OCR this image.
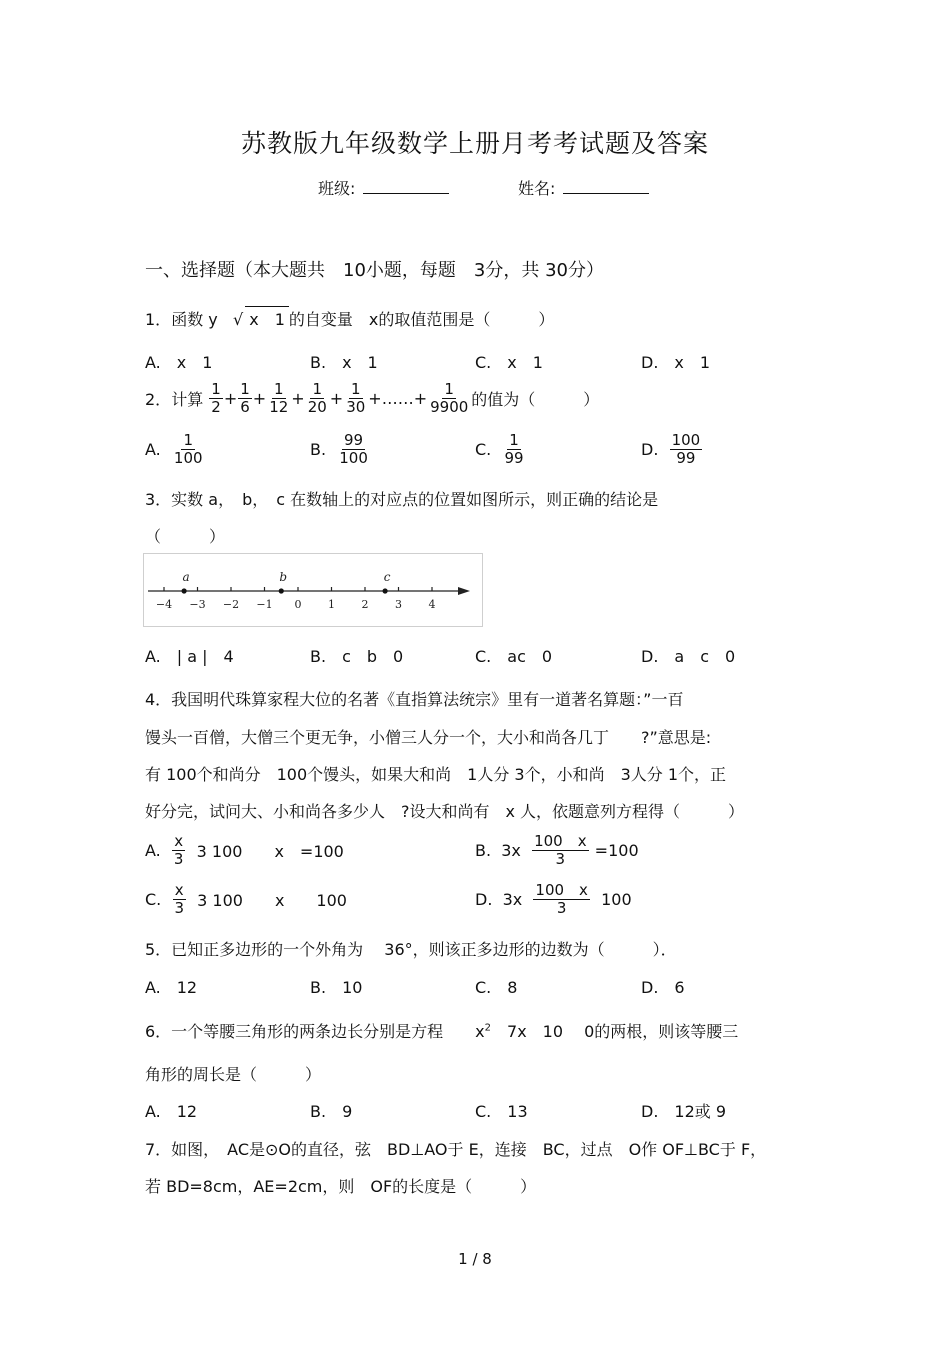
苏教版九年级数学上册月考考试题及答案
班级:	姓名:
一、选择题（本大题共　10小题，每题　3分，共 30分）
1．函数 y   √ x　1 的自变量　x的取值范围是（　　　）
A.　x　1	B.　x　1	C.　x　1	D.　x　1
2． 计算
$\frac{1}{2} + \frac{1}{6} + \frac{1}{12} + \frac{1}{20} + \frac{1}{30}$ +……+ $\frac{1}{9900}$ 的值为（　　　）
A.
$\frac{1}{100}$	B.
$\frac{99}{100}$	C.
$\frac{1}{99}$	D.
$\frac{100}{99}$
3．实数 a，　b，　c 在数轴上的对应点的位置如图所示，则正确的结论是
（　　　）
−4 −3 −2 −1 0 1 2 3 4
a	b	c
A.　| a |　4	B.　c　b　0	C.　ac　0	D.　a　c　0
4．我国明代珠算家程大位的名著《直指算法统宗》里有一道著名算题：”一百
馒头一百僧，大僧三个更无争，小僧三人分一个，大小和尚各几丁　　?”意思是:
有 100个和尚分　100个馒头，如果大和尚　1人分 3个，小和尚　3人分 1个，正
好分完，试问大、小和尚各多少人　?设大和尚有　x 人，依题意列方程得（　　　）
A.
$\frac{x}{3}$
3 100　　x　=100	B.
3x
$\frac{100 x}{3}$
=100
C.
$\frac{x}{3}$
3 100　　x　　100	D.
3x
$\frac{100 x}{3}$
100
5．已知正多边形的一个外角为　 36°，则该正多边形的边数为（　　　）．
A.　12	B.　10	C.　8	D.　6
6．一个等腰三角形的两条边长分别是方程　　$x^2$　7x　10　 0的两根，则该等腰三
角形的周长是（　　　）
A.　12	B.　9	C.　13	D.　12或 9
7．如图，　AC是⊙O的直径，弦　BD⊥AO于 E，连接　BC，过点　O作 OF⊥BC于 F，
若 BD=8cm，AE=2cm，则　OF的长度是（　　　）
1 / 8
